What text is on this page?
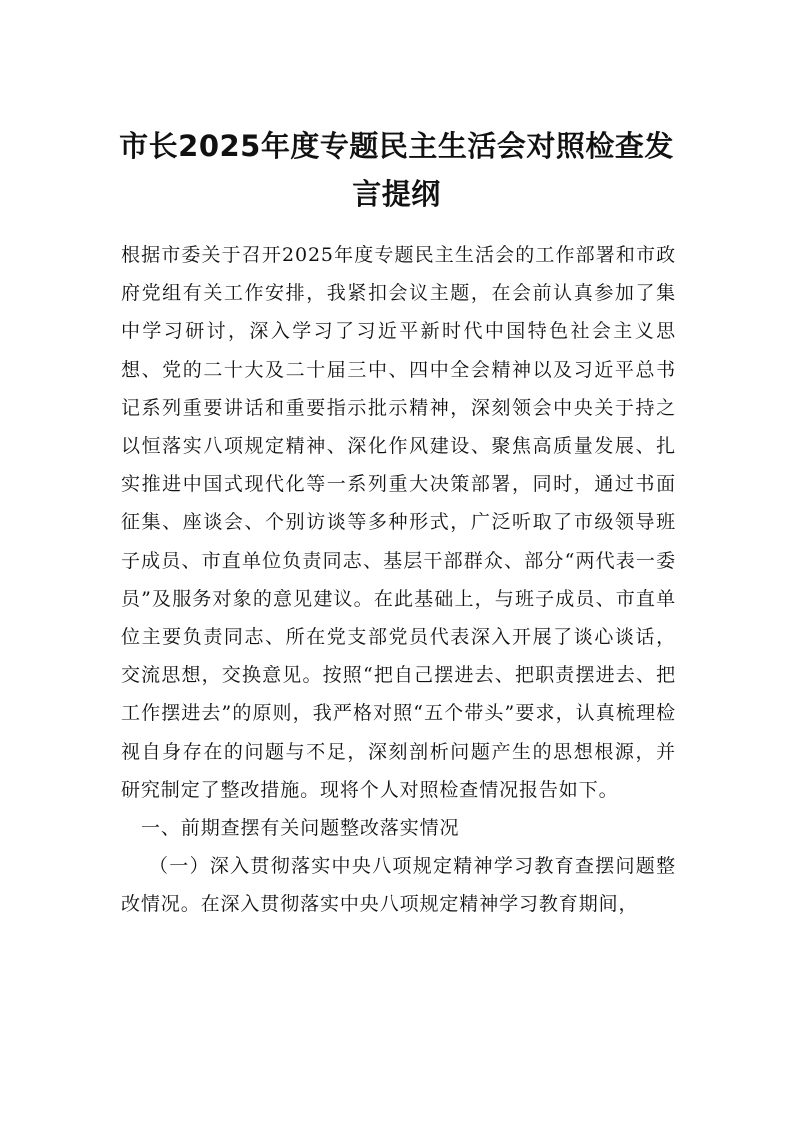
市长2025年度专题民主生活会对照检查发言提纲

根据市委关于召开2025年度专题民主生活会的工作部署和市政府党组有关工作安排，我紧扣会议主题，在会前认真参加了集中学习研讨，深入学习了习近平新时代中国特色社会主义思想、党的二十大及二十届三中、四中全会精神以及习近平总书记系列重要讲话和重要指示批示精神，深刻领会中央关于持之以恒落实八项规定精神、深化作风建设、聚焦高质量发展、扎实推进中国式现代化等一系列重大决策部署，同时，通过书面征集、座谈会、个别访谈等多种形式，广泛听取了市级领导班子成员、市直单位负责同志、基层干部群众、部分“两代表一委员”及服务对象的意见建议。在此基础上，与班子成员、市直单位主要负责同志、所在党支部党员代表深入开展了谈心谈话，交流思想，交换意见。按照“把自己摆进去、把职责摆进去、把工作摆进去”的原则，我严格对照“五个带头”要求，认真梳理检视自身存在的问题与不足，深刻剖析问题产生的思想根源，并研究制定了整改措施。现将个人对照检查情况报告如下。

一、前期查摆有关问题整改落实情况

（一）深入贯彻落实中央八项规定精神学习教育查摆问题整改情况。在深入贯彻落实中央八项规定精神学习教育期间，
